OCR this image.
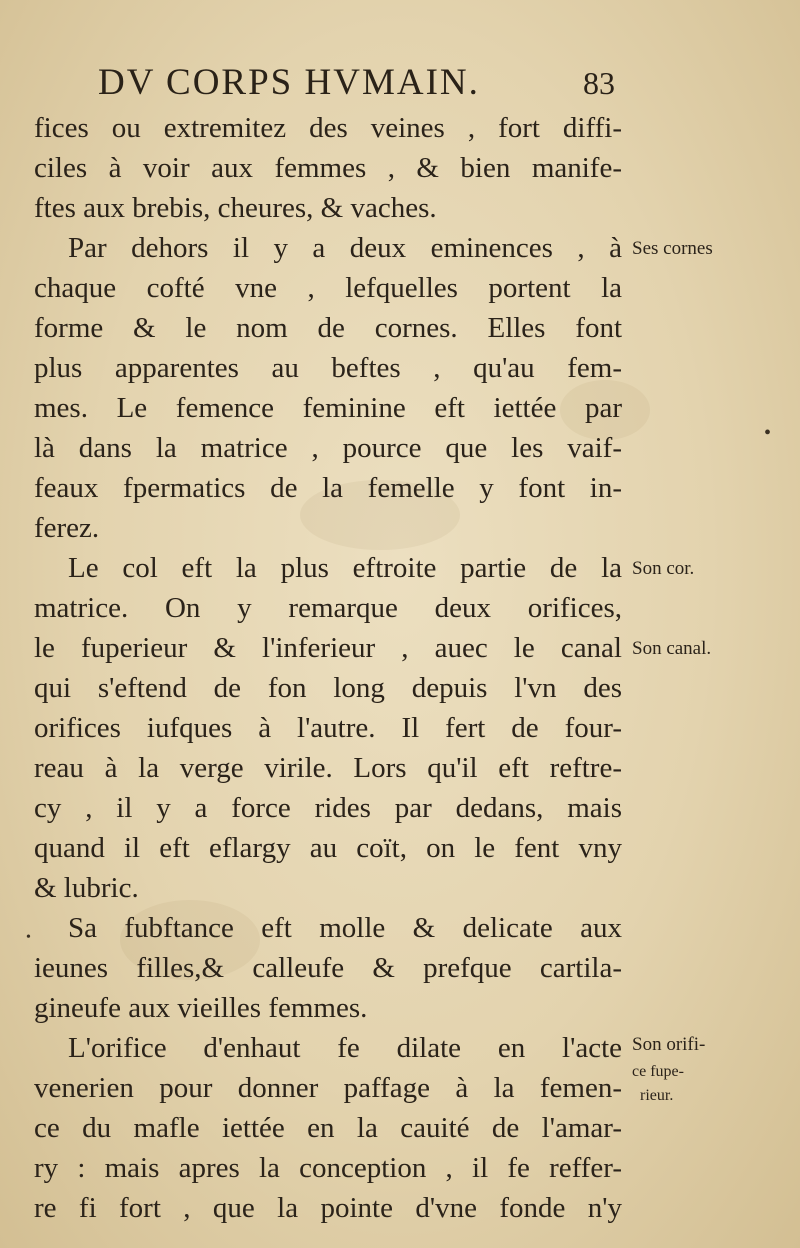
DV CORPS HVMAIN.	83
fices ou extremitez des veines , fort diffi-
ciles à voir aux femmes , & bien manife-
ftes aux brebis, cheures, & vaches.
Par dehors il y a deux eminences , à
chaque cofté vne , lefquelles portent la
forme & le nom de cornes. Elles font
plus apparentes au beftes , qu'au fem-
mes. Le femence feminine eft iettée par
là dans la matrice , pource que les vaif-
feaux fpermatics de la femelle y font in-
ferez.
Le col eft la plus eftroite partie de la
matrice. On y remarque deux orifices,
le fuperieur & l'inferieur , auec le canal
qui s'eftend de fon long depuis l'vn des
orifices iufques à l'autre. Il fert de four-
reau à la verge virile. Lors qu'il eft reftre-
cy , il y a force rides par dedans, mais
quand il eft eflargy au coït, on le fent vny
& lubric.
Sa fubftance eft molle & delicate aux
ieunes filles,& calleufe & prefque cartila-
gineufe aux vieilles femmes.
L'orifice d'enhaut fe dilate en l'acte
venerien pour donner paffage à la femen-
ce du mafle iettée en la cauité de l'amar-
ry : mais apres la conception , il fe reffer-
re fi fort , que la pointe d'vne fonde n'y
Ses cornes
Son cor.
Son canal.
Son orifi-
ce fupe-
rieur.
•
•
